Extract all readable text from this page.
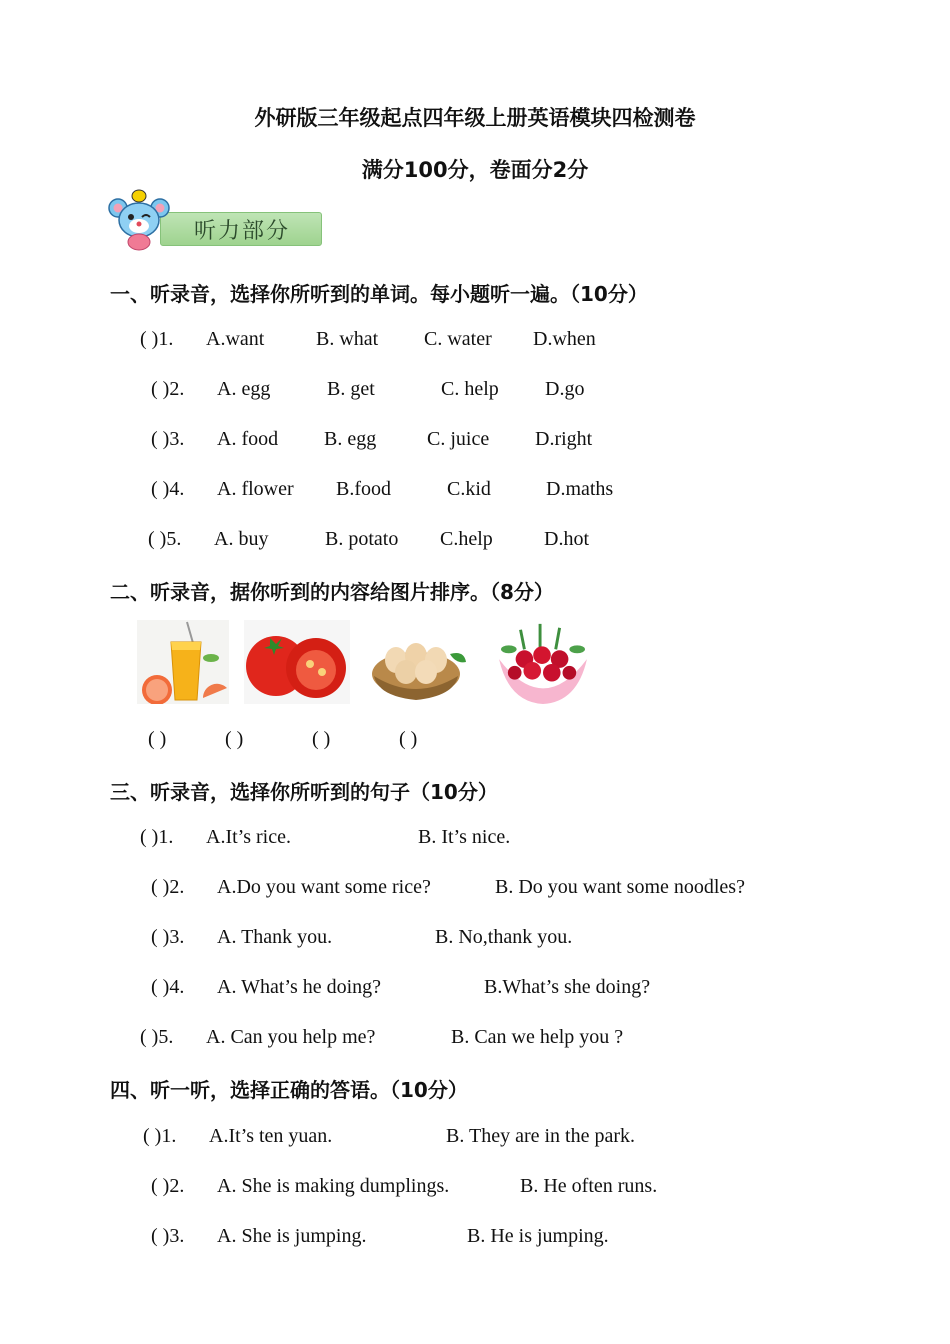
外研版三年级起点四年级上册英语模块四检测卷
满分100分，卷面分2分
听力部分
一、听录音，选择你所听到的单词。每小题听一遍。（10分）
( )1. A.want	B. what C. water D.when
( )2. A. egg	B. get	C. help D.go
( )3. A. food B. egg	C. juice D.right
( )4. A. flower B.food	C.kid	D.maths
( )5. A. buy	B. potato C.help	D.hot
二、听录音，据你听到的内容给图片排序。（8分）
( )	( )	( )	( )
三、听录音，选择你所听到的句子（10分）
( )1. A.It’s rice.	B. It’s nice.
( )2. A.Do you want some rice?	B. Do you want some noodles?
( )3. A. Thank you.	B. No,thank you.
( )4. A. What’s he doing?	B.What’s she doing?
( )5. A. Can you help me?	B. Can we help you ?
四、听一听，选择正确的答语。（10分）
( )1. A.It’s ten yuan.	B. They are in the park.
( )2. A. She is making dumplings.	B. He often runs.
( )3. A. She is jumping.	B. He is jumping.
